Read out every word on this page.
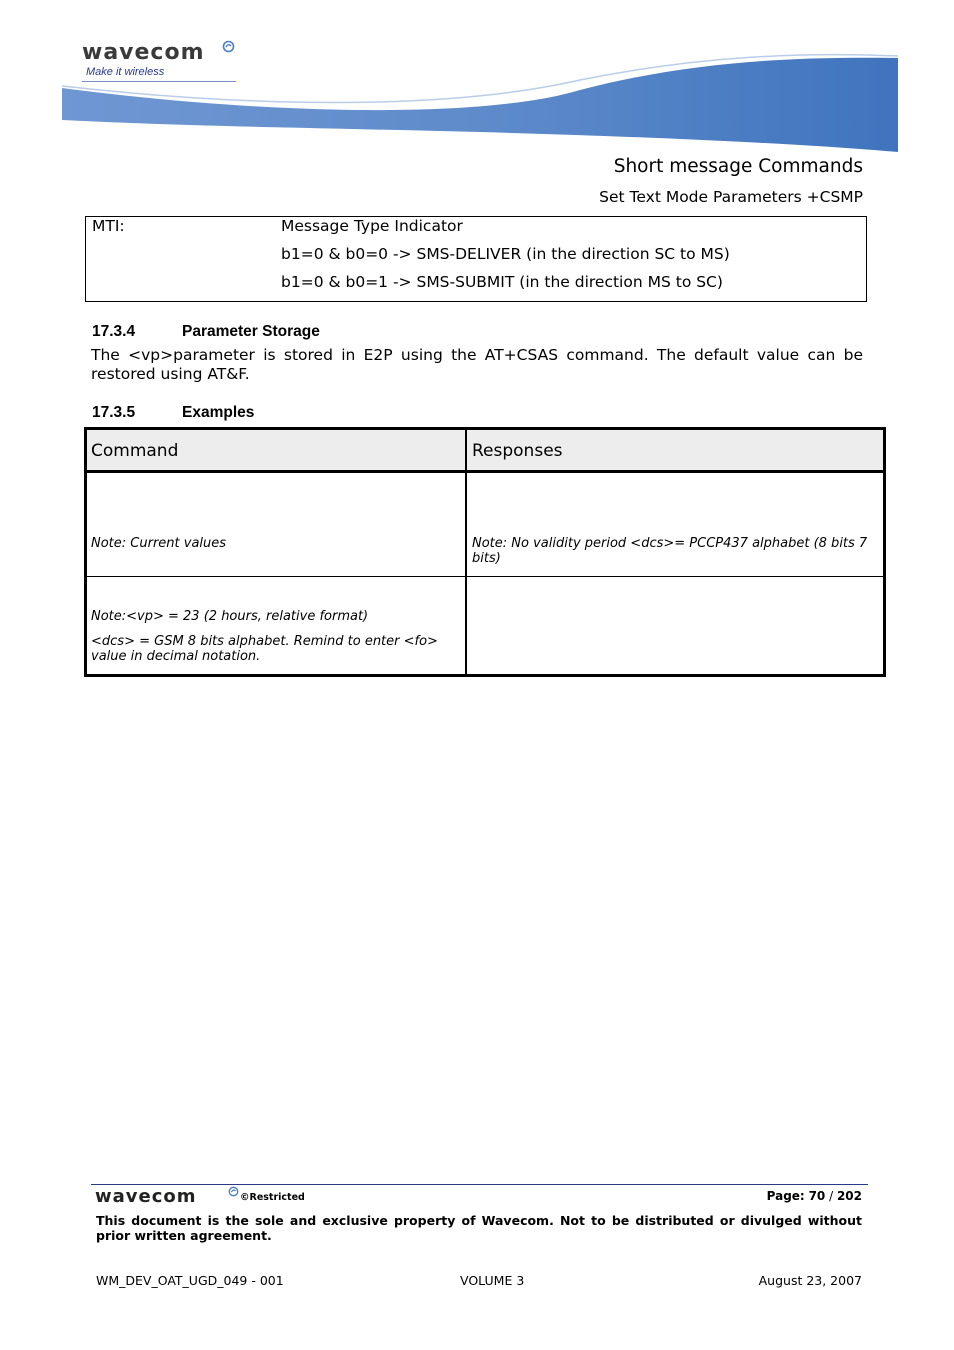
wavecom
Make it wireless
Short message Commands
Set Text Mode Parameters +CSMP
MTI:	Message Type Indicator
b1=0 & b0=0 -> SMS-DELIVER (in the direction SC to MS)
b1=0 & b0=1 -> SMS-SUBMIT (in the direction MS to SC)
17.3.4	Parameter Storage
The <vp>parameter is stored in E2P using the AT+CSAS command. The default value can be restored using AT&F.
17.3.5	Examples
Command	Responses
Note: Current values	Note: No validity period <dcs>= PCCP437 alphabet (8 bits 7 bits)
Note:<vp> = 23 (2 hours, relative format)
<dcs> = GSM 8 bits alphabet. Remind to enter <fo> value in decimal notation.
wavecom	©Restricted	Page: 70 / 202
This document is the sole and exclusive property of Wavecom. Not to be distributed or divulged without prior written agreement.
WM_DEV_OAT_UGD_049 - 001	VOLUME 3	August 23, 2007
